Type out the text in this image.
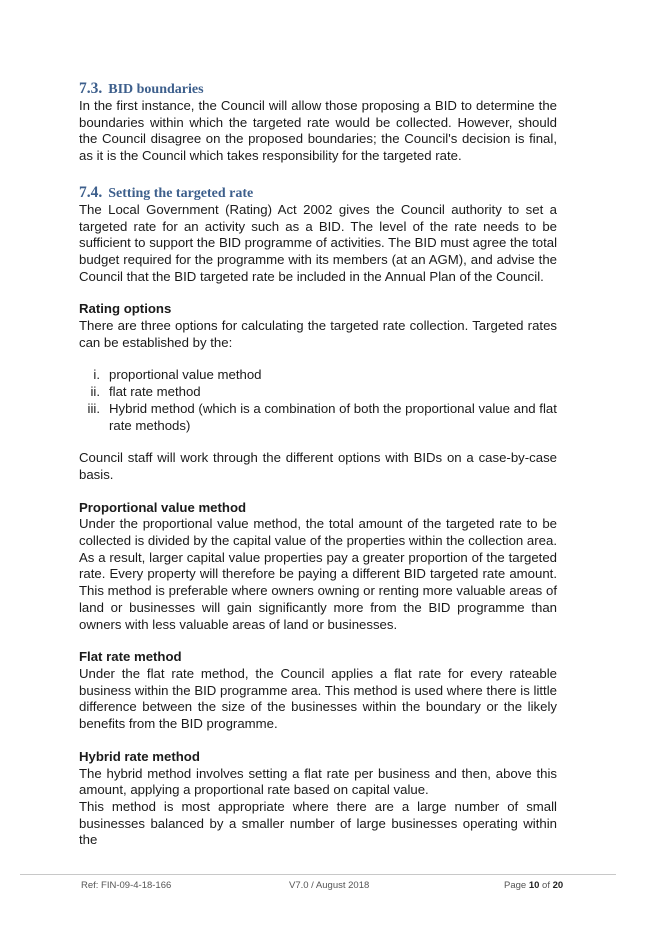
7.3. BID boundaries

In the first instance, the Council will allow those proposing a BID to determine the boundaries within which the targeted rate would be collected. However, should the Council disagree on the proposed boundaries; the Council's decision is final, as it is the Council which takes responsibility for the targeted rate.

7.4. Setting the targeted rate

The Local Government (Rating) Act 2002 gives the Council authority to set a targeted rate for an activity such as a BID. The level of the rate needs to be sufficient to support the BID programme of activities. The BID must agree the total budget required for the programme with its members (at an AGM), and advise the Council that the BID targeted rate be included in the Annual Plan of the Council.

Rating options

There are three options for calculating the targeted rate collection. Targeted rates can be established by the:

i. proportional value method
ii. flat rate method
iii. Hybrid method (which is a combination of both the proportional value and flat rate methods)

Council staff will work through the different options with BIDs on a case-by-case basis.

Proportional value method

Under the proportional value method, the total amount of the targeted rate to be collected is divided by the capital value of the properties within the collection area. As a result, larger capital value properties pay a greater proportion of the targeted rate. Every property will therefore be paying a different BID targeted rate amount. This method is preferable where owners owning or renting more valuable areas of land or businesses will gain significantly more from the BID programme than owners with less valuable areas of land or businesses.

Flat rate method

Under the flat rate method, the Council applies a flat rate for every rateable business within the BID programme area. This method is used where there is little difference between the size of the businesses within the boundary or the likely benefits from the BID programme.

Hybrid rate method

The hybrid method involves setting a flat rate per business and then, above this amount, applying a proportional rate based on capital value.

This method is most appropriate where there are a large number of small businesses balanced by a smaller number of large businesses operating within the

Ref: FIN-09-4-18-166	V7.0 / August 2018	Page 10 of 20
